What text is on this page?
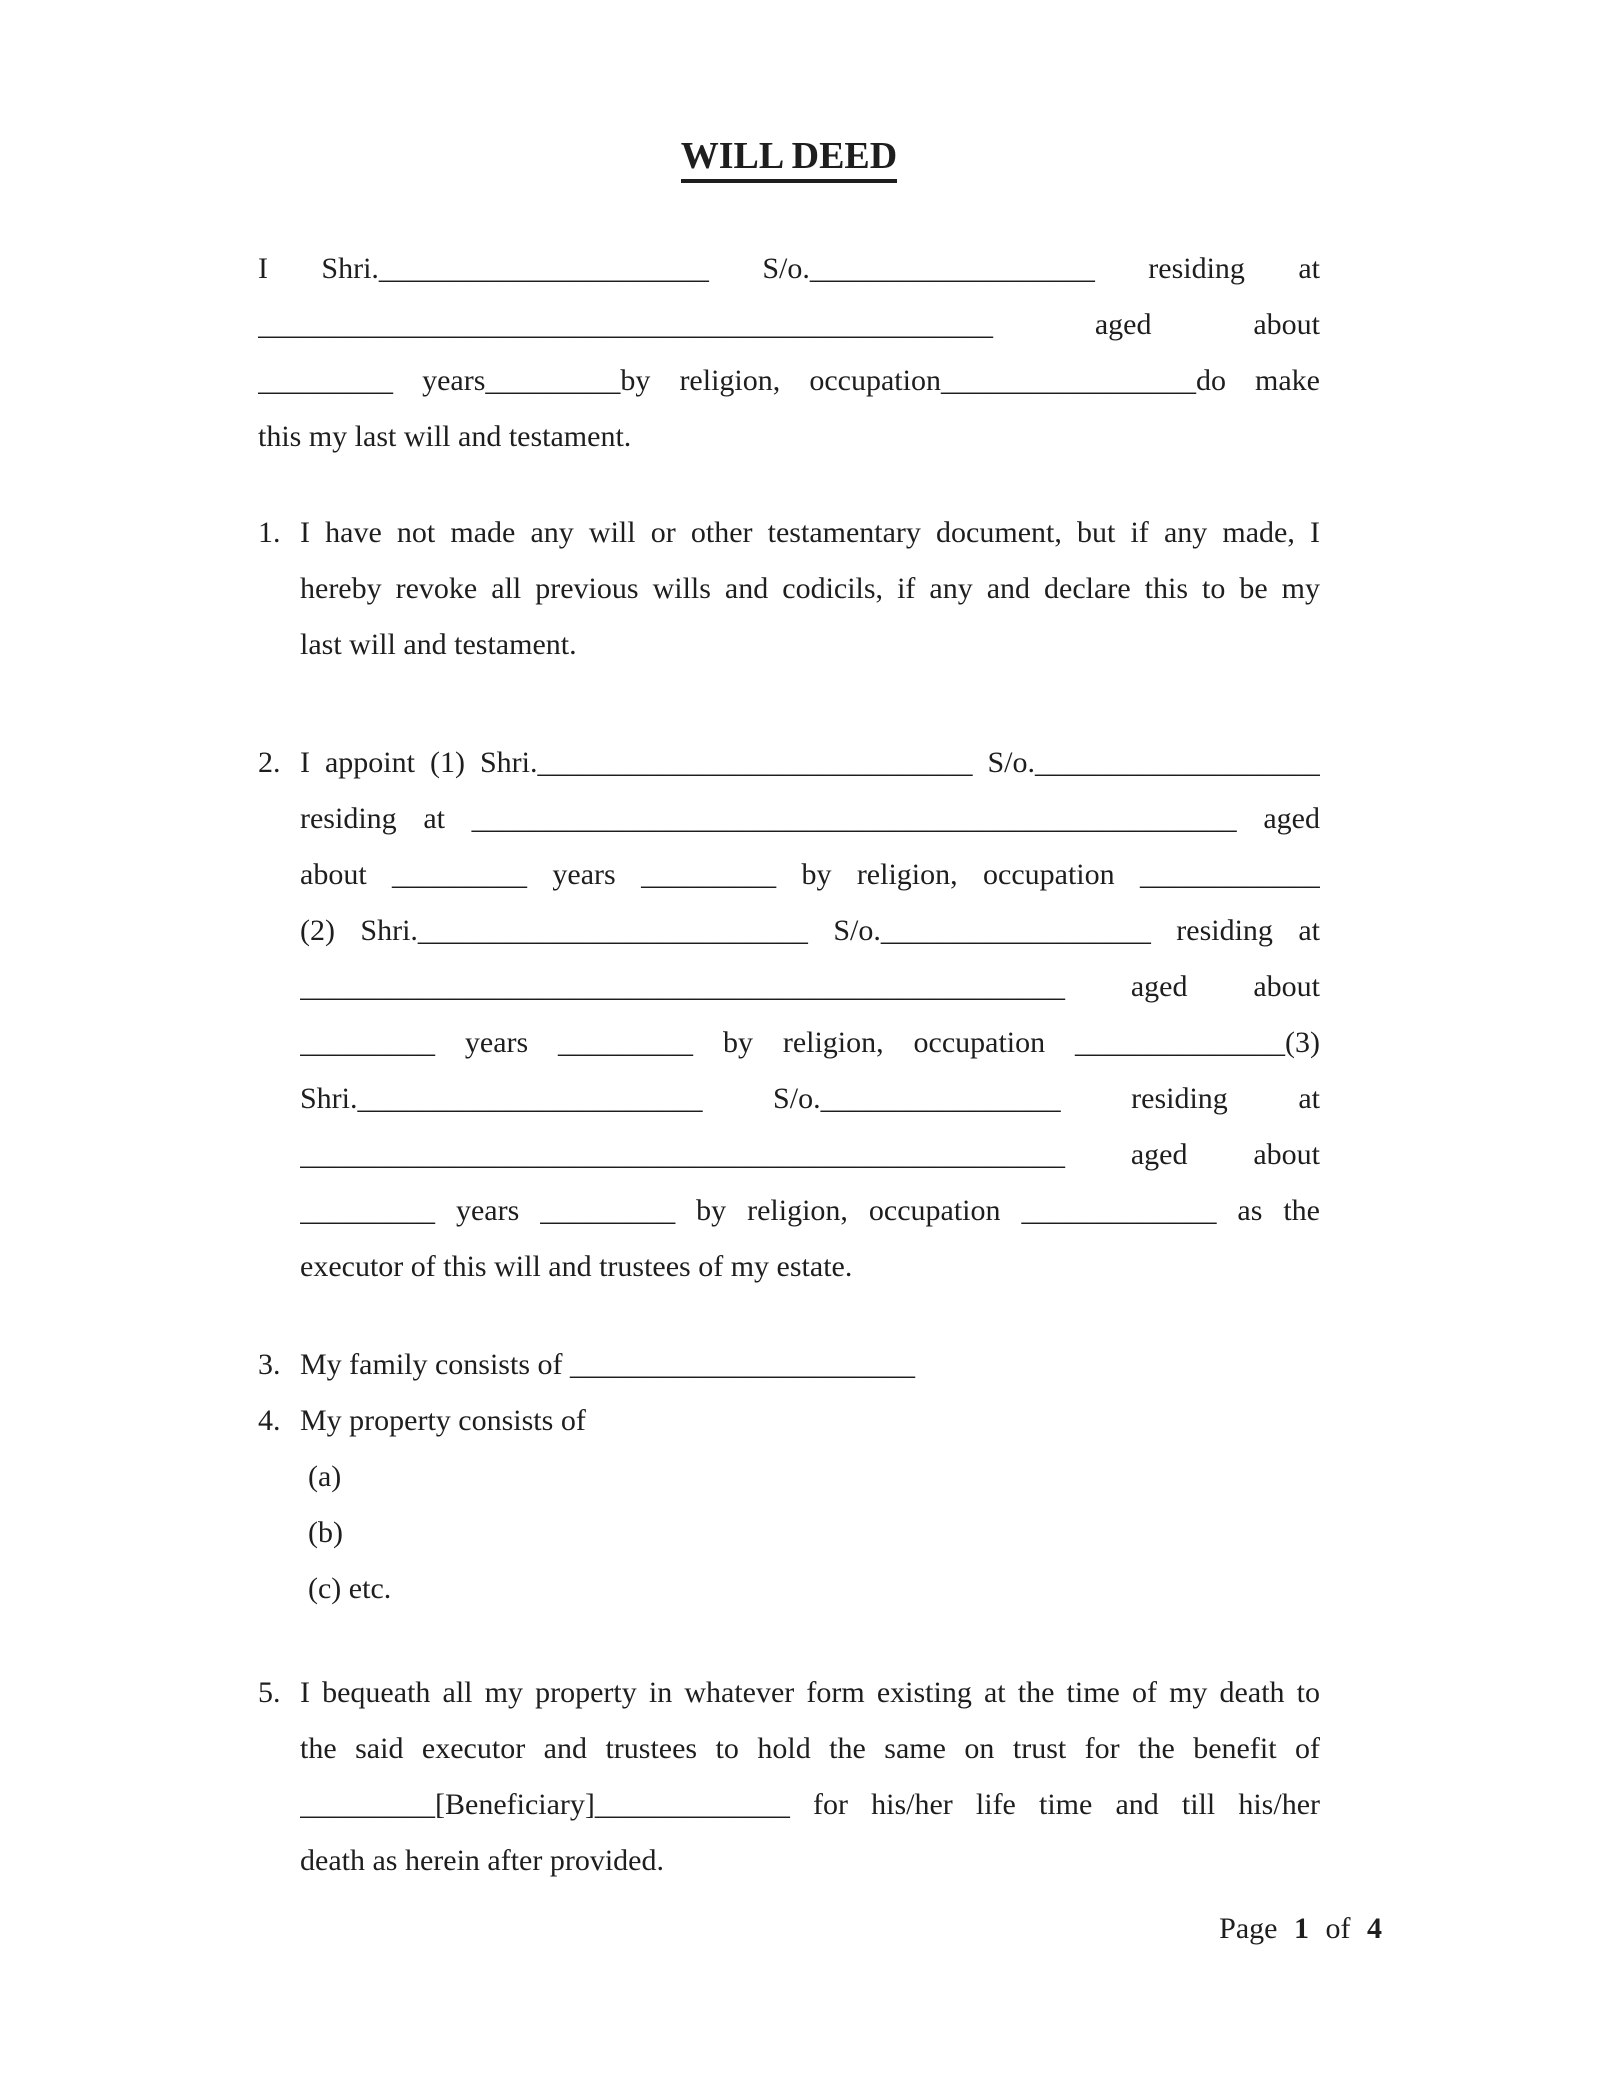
WILL DEED
I Shri.______________________ S/o.___________________ residing at
_________________________________________________ aged about
_________ years_________by religion, occupation_________________do make
this my last will and testament.
1. I have not made any will or other testamentary document, but if any made, I
hereby revoke all previous wills and codicils, if any and declare this to be my
last will and testament.
2. I appoint (1) Shri._____________________________ S/o.___________________
residing at ___________________________________________________ aged
about _________ years _________ by religion, occupation ____________
(2) Shri.__________________________ S/o.__________________ residing at
___________________________________________________ aged about
_________ years _________ by religion, occupation ______________(3)
Shri._______________________ S/o.________________ residing at
___________________________________________________ aged about
_________ years _________ by religion, occupation _____________ as the
executor of this will and trustees of my estate.
3. My family consists of _______________________
4. My property consists of
(a)
(b)
(c) etc.
5. I bequeath all my property in whatever form existing at the time of my death to
the said executor and trustees to hold the same on trust for the benefit of
_________[Beneficiary]_____________ for his/her life time and till his/her
death as herein after provided.
Page 1 of 4
